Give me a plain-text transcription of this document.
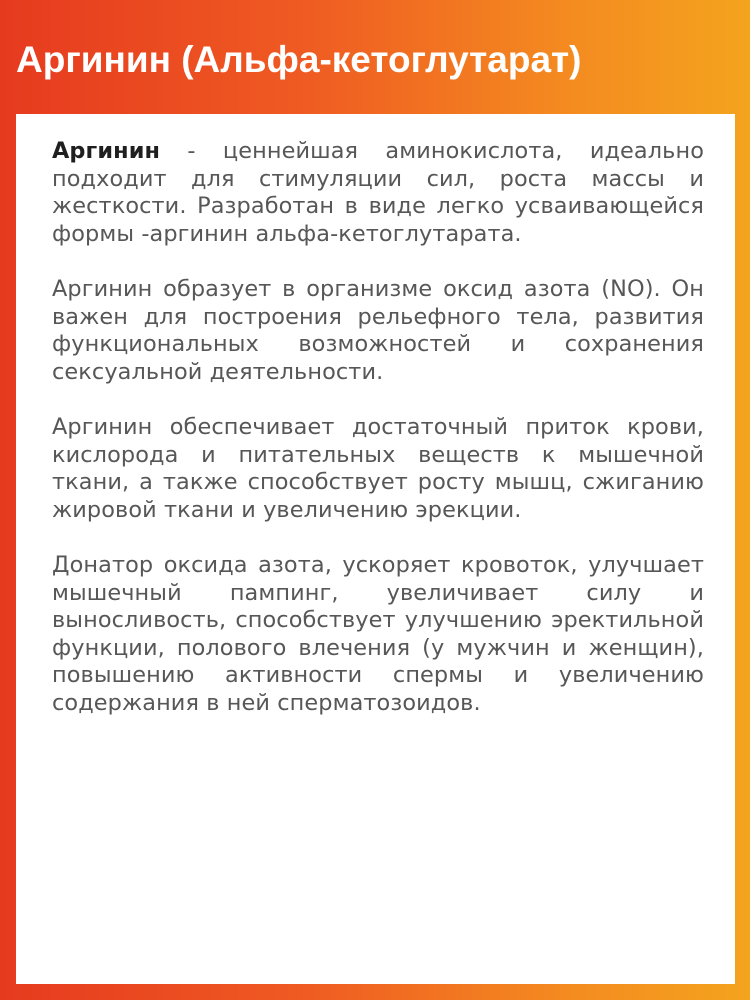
Аргинин (Альфа-кетоглутарат)

Аргинин - ценнейшая аминокислота, идеально подходит для стимуляции сил, роста массы и жесткости. Разработан в виде легко усваивающейся формы -аргинин альфа-кетоглутарата.

Аргинин образует в организме оксид азота (NO). Он важен для построения рельефного тела, развития функциональных возможностей и сохранения сексуальной деятельности.

Аргинин обеспечивает достаточный приток крови, кислорода и питательных веществ к мышечной ткани, а также способствует росту мышц, сжиганию жировой ткани и увеличению эрекции.

Донатор оксида азота, ускоряет кровоток, улучшает мышечный пампинг, увеличивает силу и выносливость, способствует улучшению эректильной функции, полового влечения (у мужчин и женщин), повышению активности спермы и увеличению содержания в ней сперматозоидов.
